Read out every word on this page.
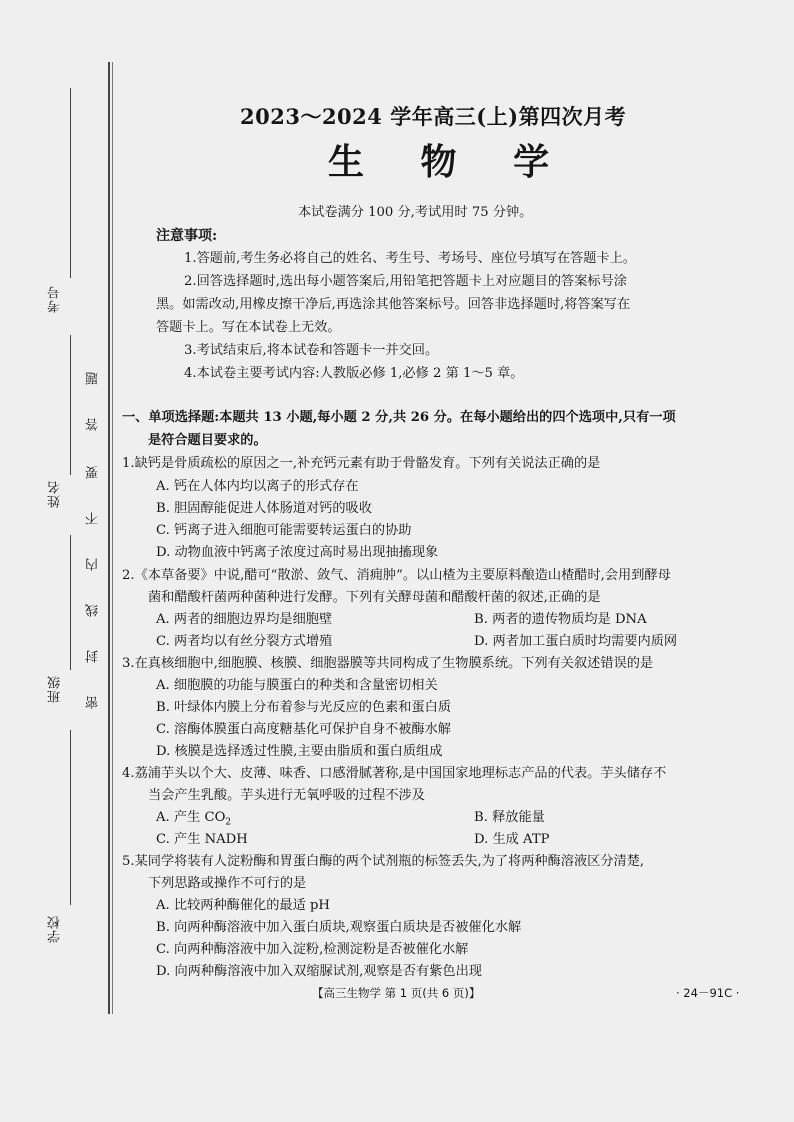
考号
姓名
班级
学校
题
答
要
不
内
线
封
密
2023～2024 学年高三(上)第四次月考
生 物 学
本试卷满分 100 分,考试用时 75 分钟。
注意事项:
1.答题前,考生务必将自己的姓名、考生号、考场号、座位号填写在答题卡上。
2.回答选择题时,选出每小题答案后,用铅笔把答题卡上对应题目的答案标号涂
黑。如需改动,用橡皮擦干净后,再选涂其他答案标号。回答非选择题时,将答案写在
答题卡上。写在本试卷上无效。
3.考试结束后,将本试卷和答题卡一并交回。
4.本试卷主要考试内容:人教版必修 1,必修 2 第 1～5 章。
一、单项选择题:本题共 13 小题,每小题 2 分,共 26 分。在每小题给出的四个选项中,只有一项
是符合题目要求的。
1.缺钙是骨质疏松的原因之一,补充钙元素有助于骨骼发育。下列有关说法正确的是
A. 钙在人体内均以离子的形式存在
B. 胆固醇能促进人体肠道对钙的吸收
C. 钙离子进入细胞可能需要转运蛋白的协助
D. 动物血液中钙离子浓度过高时易出现抽搐现象
2.《本草备要》中说,醋可“散淤、敛气、消痈肿”。以山楂为主要原料酿造山楂醋时,会用到酵母
菌和醋酸杆菌两种菌种进行发酵。下列有关酵母菌和醋酸杆菌的叙述,正确的是
A. 两者的细胞边界均是细胞壁	B. 两者的遗传物质均是 DNA
C. 两者均以有丝分裂方式增殖	D. 两者加工蛋白质时均需要内质网
3.在真核细胞中,细胞膜、核膜、细胞器膜等共同构成了生物膜系统。下列有关叙述错误的是
A. 细胞膜的功能与膜蛋白的种类和含量密切相关
B. 叶绿体内膜上分布着参与光反应的色素和蛋白质
C. 溶酶体膜蛋白高度糖基化可保护自身不被酶水解
D. 核膜是选择透过性膜,主要由脂质和蛋白质组成
4.荔浦芋头以个大、皮薄、味香、口感滑腻著称,是中国国家地理标志产品的代表。芋头储存不
当会产生乳酸。芋头进行无氧呼吸的过程不涉及
A. 产生 $CO_2$	B. 释放能量
C. 产生 NADH	D. 生成 ATP
5.某同学将装有人淀粉酶和胃蛋白酶的两个试剂瓶的标签丢失,为了将两种酶溶液区分清楚,
下列思路或操作不可行的是
A. 比较两种酶催化的最适 pH
B. 向两种酶溶液中加入蛋白质块,观察蛋白质块是否被催化水解
C. 向两种酶溶液中加入淀粉,检测淀粉是否被催化水解
D. 向两种酶溶液中加入双缩脲试剂,观察是否有紫色出现
【高三生物学 第 1 页(共 6 页)】	· 24－91C ·
